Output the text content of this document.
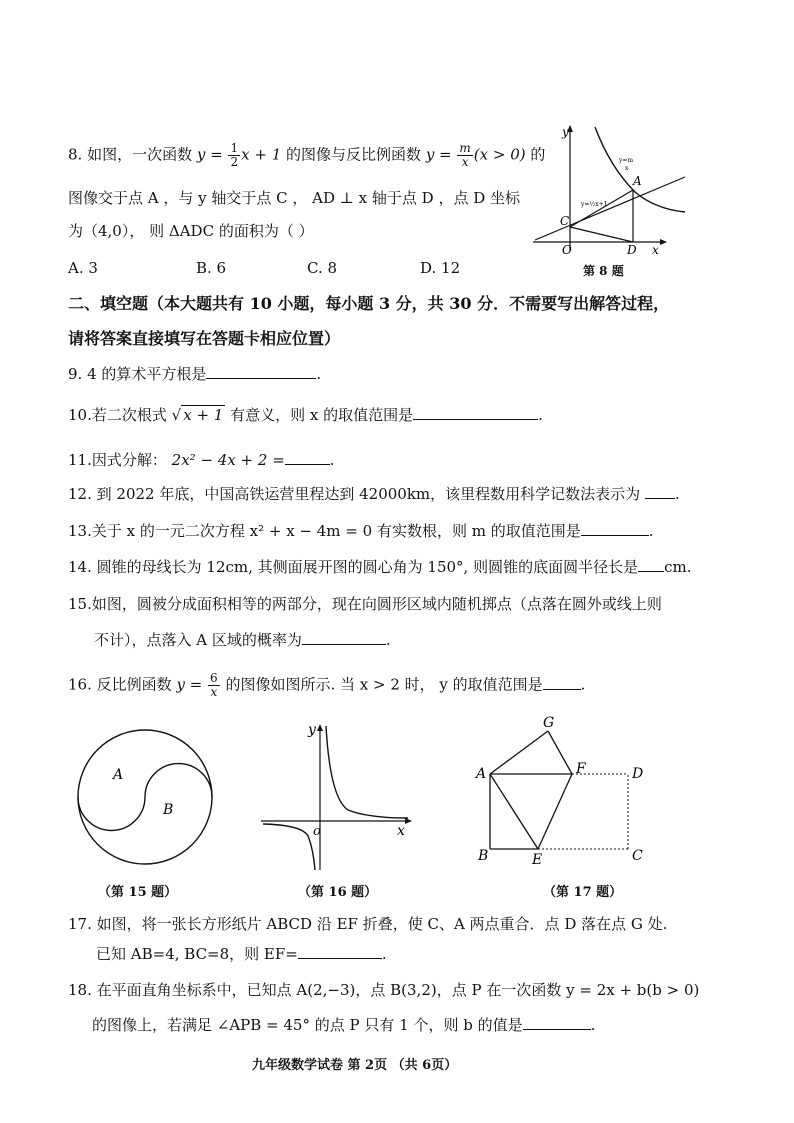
8. 如图，一次函数 $y = \frac{1}{2}$ x + 1 的图像与反比例函数 $y = \frac{m}{x} (x > 0)$ 的
图像交于点 A ，与 y 轴交于点 C ， AD ⊥ x 轴于点 D ，点 D 坐标
为（4,0）， 则 ΔADC 的面积为（ ）
A. 3	B. 6	C. 8	D. 12
y
x
A
C
O	D
y=m
x
y=½x+1
第 8 题
二、填空题（本大题共有 10 小题，每小题 3 分，共 30 分．不需要写出解答过程，
请将答案直接填写在答题卡相应位置）
9. 4 的算术平方根是	.
10.若二次根式 √ x + 1 有意义，则 x 的取值范围是	.
11.因式分解： 2x² − 4x + 2 =	.
12. 到 2022 年底，中国高铁运营里程达到 42000km，该里程数用科学记数法表示为 .
13.关于 x 的一元二次方程 x² + x − 4m = 0 有实数根，则 m 的取值范围是	.
14. 圆锥的母线长为 12cm, 其侧面展开图的圆心角为 150°, 则圆锥的底面圆半径长是 cm.
15.如图，圆被分成面积相等的两部分，现在向圆形区域内随机掷点（点落在圆外或线上则
不计），点落入 A 区域的概率为	.
16. 反比例函数 $y = \frac{6}{x}$ 的图像如图所示. 当 x > 2 时， y 的取值范围是	.
A
B
（第 15 题）
y
o	x
（第 16 题）
A
G
F	D
B	E	C
（第 17 题）
17. 如图，将一张长方形纸片 ABCD 沿 EF 折叠，使 C、A 两点重合．点 D 落在点 G 处.
已知 AB=4, BC=8，则 EF=	.
18. 在平面直角坐标系中，已知点 A(2,−3)，点 B(3,2)，点 P 在一次函数 y = 2x + b(b > 0)
的图像上，若满足 ∠APB = 45° 的点 P 只有 1 个，则 b 的值是	.
九年级数学试卷 第 2页 （共 6页）
